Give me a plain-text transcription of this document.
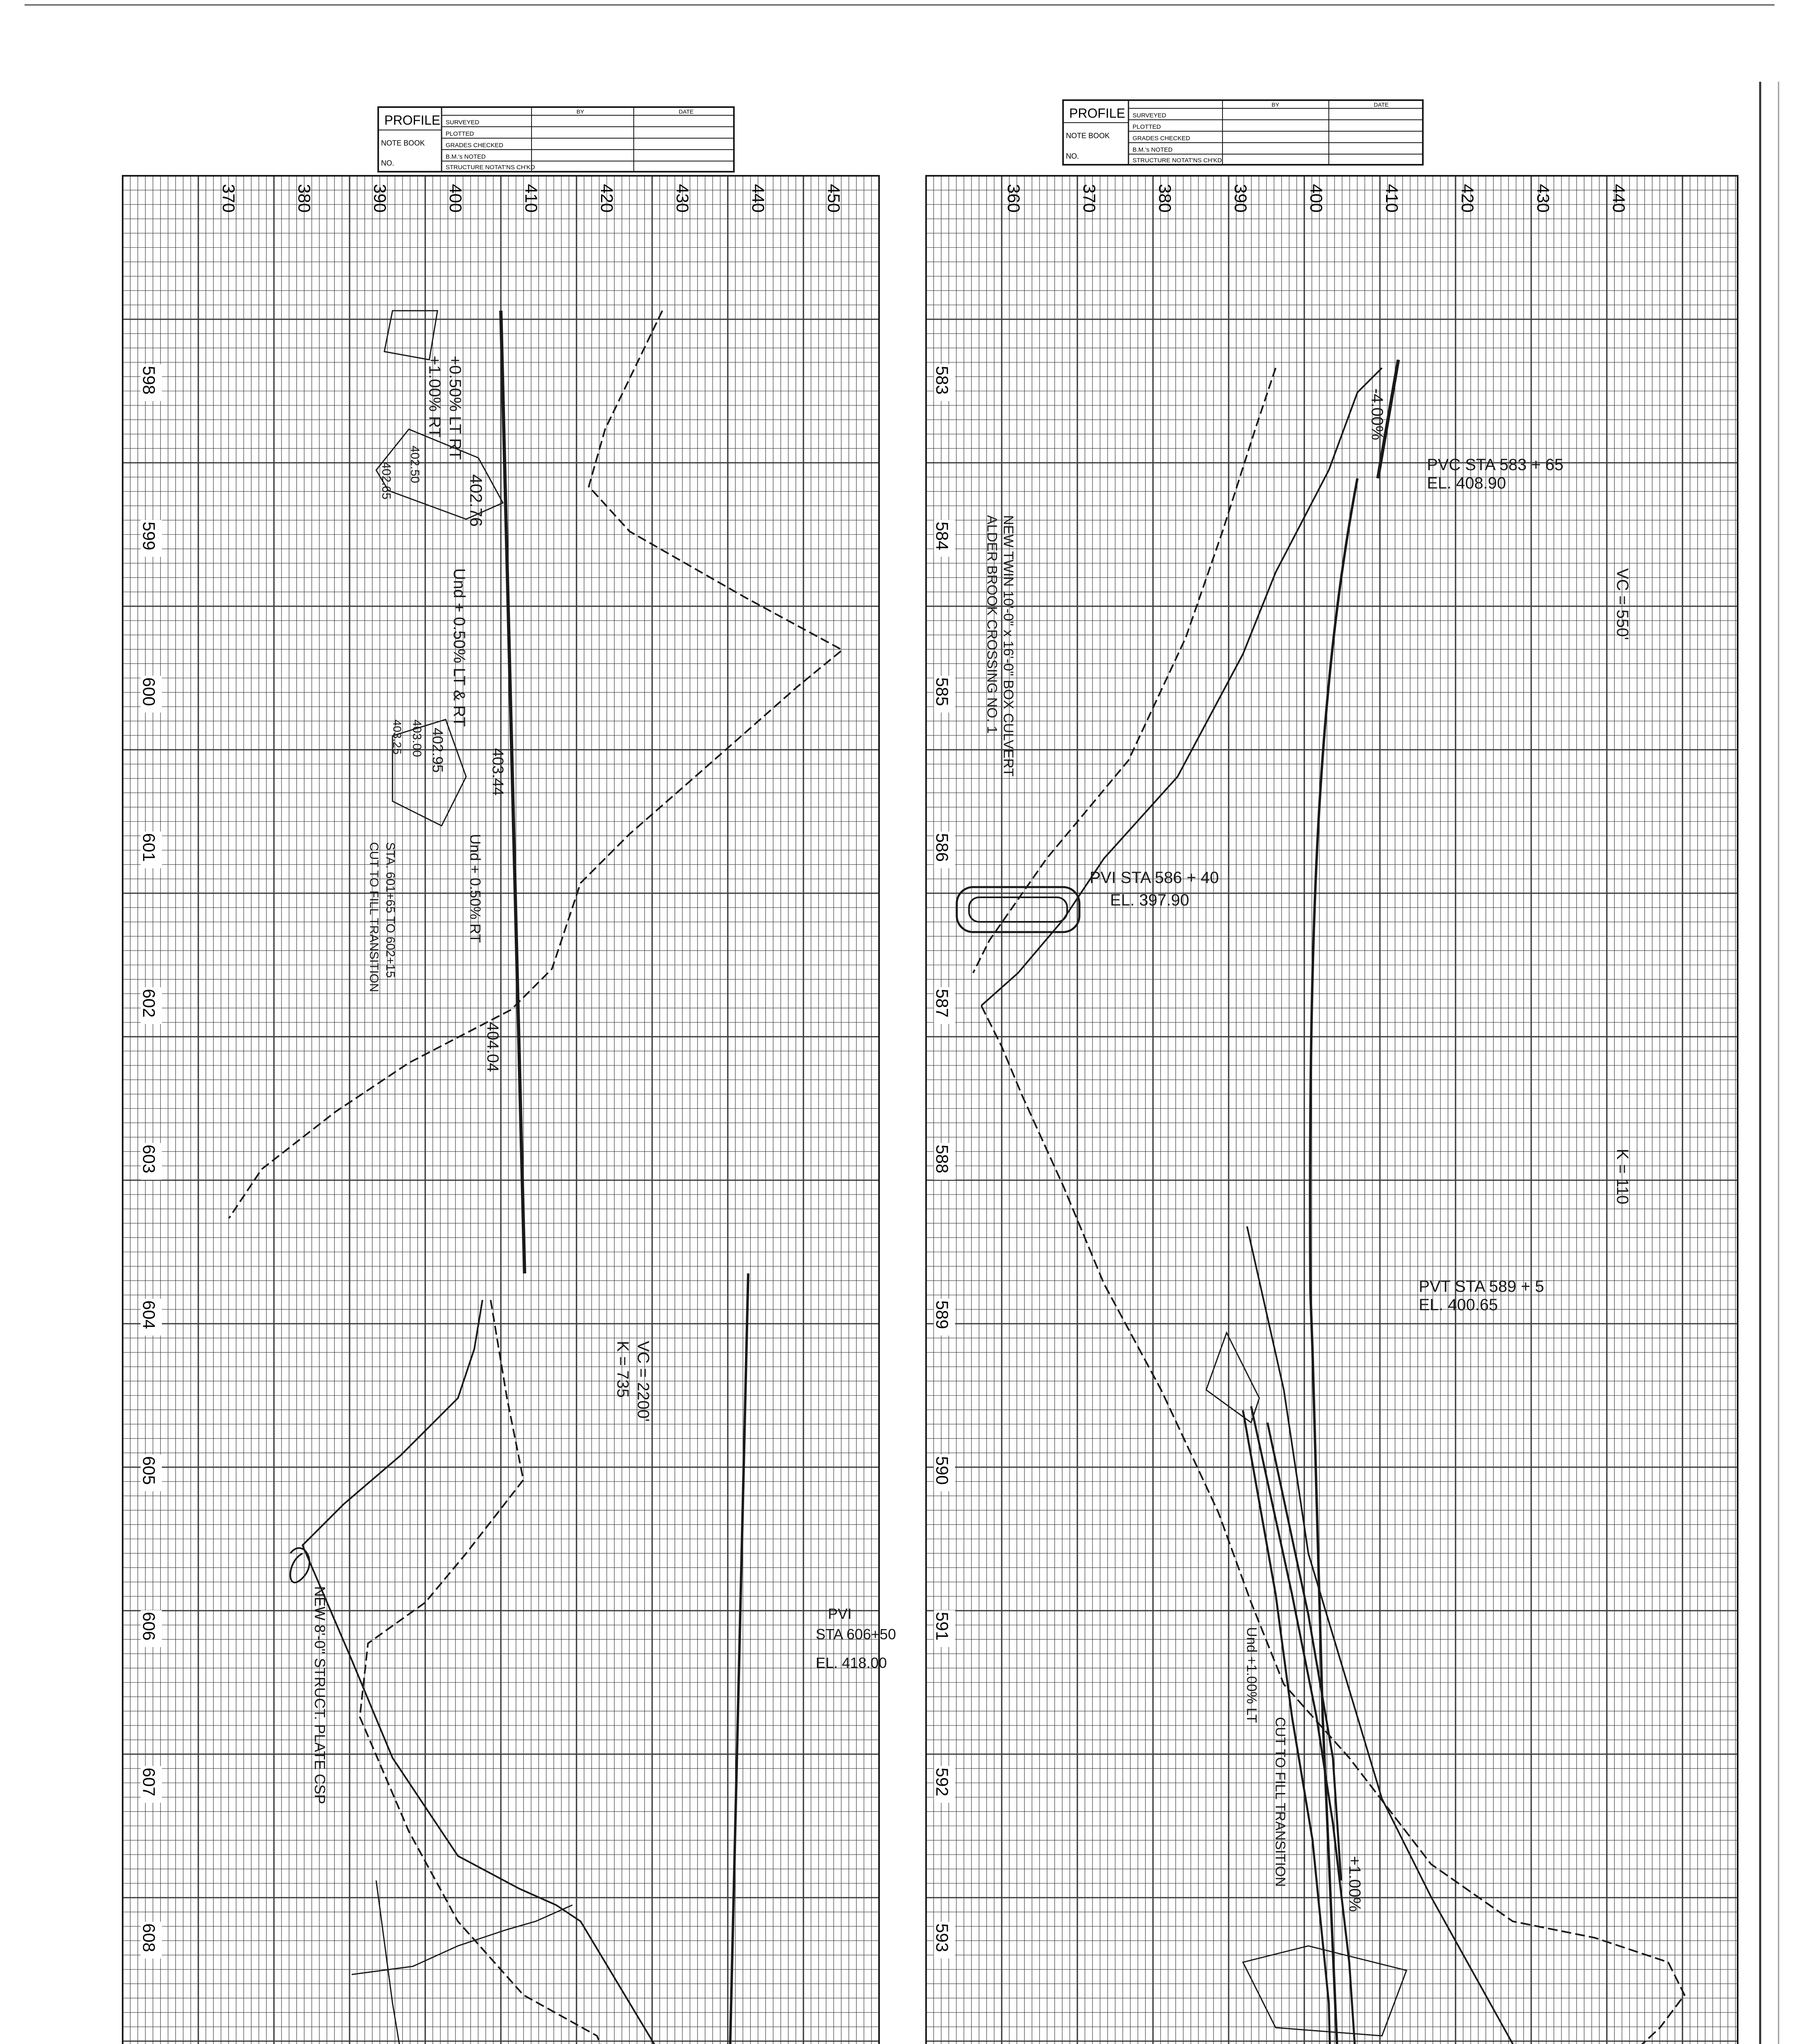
360	370	380	390	400	410	420	430	440
583
584
585
586
587
588
589
590
591
592
593
370	380	390	400	410	420	430	440	450
598
599
600
601
602
603
604
605
606
607
608
PROFILE
NOTE BOOK
NO.
BY	DATE
SURVEYED
PLOTTED
GRADES CHECKED
B.M.'s NOTED
STRUCTURE NOTAT'NS CH'KD
PROFILE
NOTE BOOK
NO.
BY	DATE
SURVEYED
PLOTTED
GRADES CHECKED
B.M.'s NOTED
STRUCTURE NOTAT'NS CH'KD
402.76
+0.50% LT RT
+1.00% RT
402.65 402.50
Und + 0.50% LT & RT
403.44
402.95
403.00
403.25
Und + 0.50% RT
STA. 601+65 TO 602+15
CUT TO FILL TRANSITION
404.04
VC = 2200'
K = 735
NEW 8'-0" STRUCT. PLATE CSP	PVI
STA 606+50
EL. 418.00
-4.00%
PVC STA 583 + 65
EL. 408.90
VC = 550'
NEW TWIN 10'-0" x 16'-0" BOX CULVERT
ALDER BROOK CROSSING NO. 1
PVI STA 586 + 40
EL. 397.90
K = 110
PVT STA 589 + 5
EL. 400.65
Und +1.00% LT
CUT TO FILL TRANSITION	+1.00%
